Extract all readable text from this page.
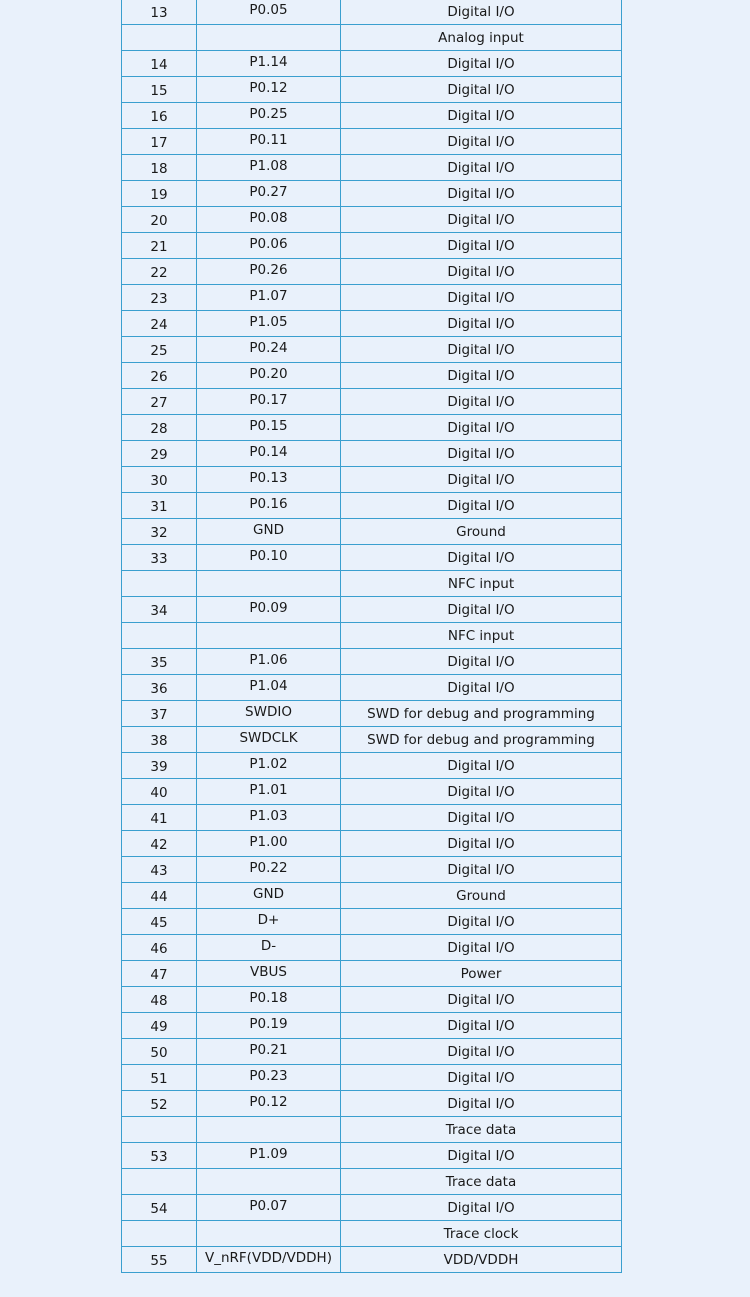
13	P0.05	Digital I/O
		Analog input
14	P1.14	Digital I/O
15	P0.12	Digital I/O
16	P0.25	Digital I/O
17	P0.11	Digital I/O
18	P1.08	Digital I/O
19	P0.27	Digital I/O
20	P0.08	Digital I/O
21	P0.06	Digital I/O
22	P0.26	Digital I/O
23	P1.07	Digital I/O
24	P1.05	Digital I/O
25	P0.24	Digital I/O
26	P0.20	Digital I/O
27	P0.17	Digital I/O
28	P0.15	Digital I/O
29	P0.14	Digital I/O
30	P0.13	Digital I/O
31	P0.16	Digital I/O
32	GND	Ground
33	P0.10	Digital I/O
		NFC input
34	P0.09	Digital I/O
		NFC input
35	P1.06	Digital I/O
36	P1.04	Digital I/O
37	SWDIO	SWD for debug and programming
38	SWDCLK	SWD for debug and programming
39	P1.02	Digital I/O
40	P1.01	Digital I/O
41	P1.03	Digital I/O
42	P1.00	Digital I/O
43	P0.22	Digital I/O
44	GND	Ground
45	D+	Digital I/O
46	D-	Digital I/O
47	VBUS	Power
48	P0.18	Digital I/O
49	P0.19	Digital I/O
50	P0.21	Digital I/O
51	P0.23	Digital I/O
52	P0.12	Digital I/O
		Trace data
53	P1.09	Digital I/O
		Trace data
54	P0.07	Digital I/O
		Trace clock
55	V_nRF(VDD/VDDH)	VDD/VDDH
